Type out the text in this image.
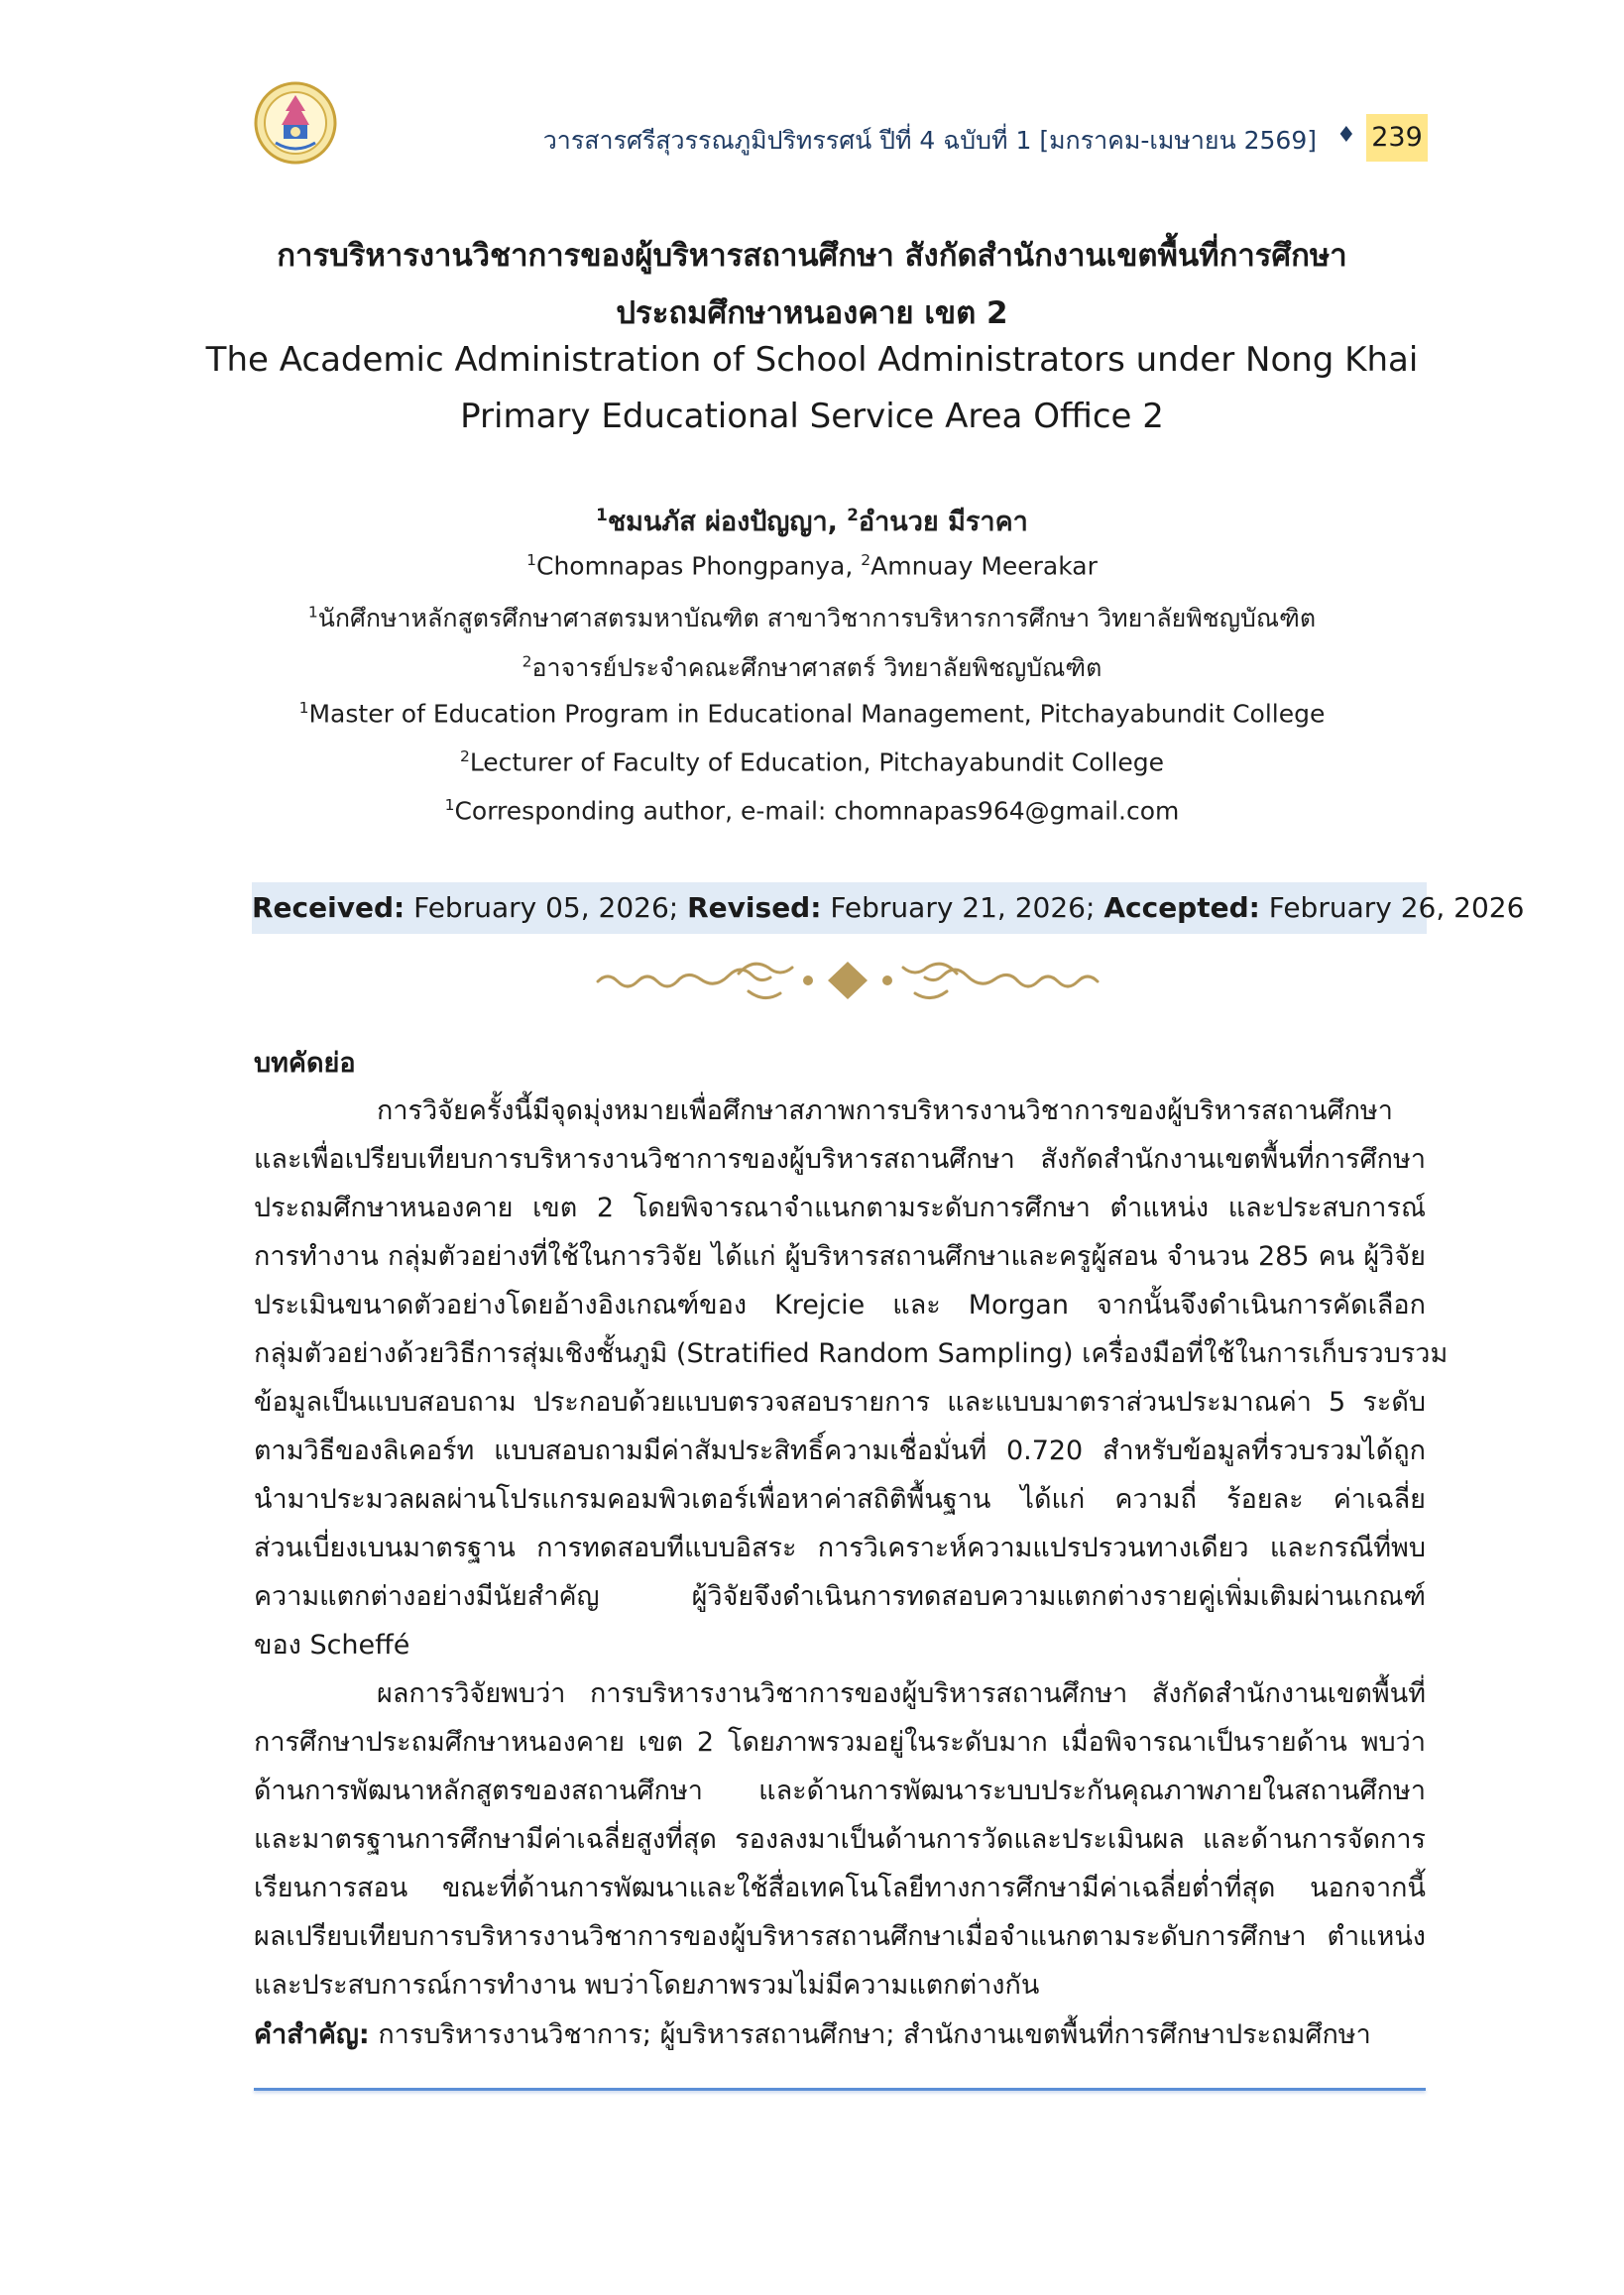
วารสารศรีสุวรรณภูมิปริทรรศน์ ปีที่ 4 ฉบับที่ 1 [มกราคม-เมษายน 2569] ♦ 239
การบริหารงานวิชาการของผู้บริหารสถานศึกษา สังกัดสำนักงานเขตพื้นที่การศึกษา
ประถมศึกษาหนองคาย เขต 2
The Academic Administration of School Administrators under Nong Khai
Primary Educational Service Area Office 2
$^1$ชมนภัส ผ่องปัญญา, $^2$อำนวย มีราคา
$^1$Chomnapas Phongpanya, $^2$Amnuay Meerakar
$^1$นักศึกษาหลักสูตรศึกษาศาสตรมหาบัณฑิต สาขาวิชาการบริหารการศึกษา วิทยาลัยพิชญบัณฑิต
$^2$อาจารย์ประจำคณะศึกษาศาสตร์ วิทยาลัยพิชญบัณฑิต
$^1$Master of Education Program in Educational Management, Pitchayabundit College
$^2$Lecturer of Faculty of Education, Pitchayabundit College
$^1$Corresponding author, e-mail: chomnapas964@gmail.com
Received: February 05, 2026; Revised: February 21, 2026; Accepted: February 26, 2026
บทคัดย่อ
การวิจัยครั้งนี้มีจุดมุ่งหมายเพื่อศึกษาสภาพการบริหารงานวิชาการของผู้บริหารสถานศึกษา
และเพื่อเปรียบเทียบการบริหารงานวิชาการของผู้บริหารสถานศึกษา สังกัดสำนักงานเขตพื้นที่การศึกษา
ประถมศึกษาหนองคาย เขต 2 โดยพิจารณาจำแนกตามระดับการศึกษา ตำแหน่ง และประสบการณ์
การทำงาน กลุ่มตัวอย่างที่ใช้ในการวิจัย ได้แก่ ผู้บริหารสถานศึกษาและครูผู้สอน จำนวน 285 คน ผู้วิจัย
ประเมินขนาดตัวอย่างโดยอ้างอิงเกณฑ์ของ Krejcie และ Morgan จากนั้นจึงดำเนินการคัดเลือก
กลุ่มตัวอย่างด้วยวิธีการสุ่มเชิงชั้นภูมิ (Stratified Random Sampling) เครื่องมือที่ใช้ในการเก็บรวบรวม
ข้อมูลเป็นแบบสอบถาม ประกอบด้วยแบบตรวจสอบรายการ และแบบมาตราส่วนประมาณค่า 5 ระดับ
ตามวิธีของลิเคอร์ท แบบสอบถามมีค่าสัมประสิทธิ์ความเชื่อมั่นที่ 0.720 สำหรับข้อมูลที่รวบรวมได้ถูก
นำมาประมวลผลผ่านโปรแกรมคอมพิวเตอร์เพื่อหาค่าสถิติพื้นฐาน ได้แก่ ความถี่ ร้อยละ ค่าเฉลี่ย
ส่วนเบี่ยงเบนมาตรฐาน การทดสอบทีแบบอิสระ การวิเคราะห์ความแปรปรวนทางเดียว และกรณีที่พบ
ความแตกต่างอย่างมีนัยสำคัญ ผู้วิจัยจึงดำเนินการทดสอบความแตกต่างรายคู่เพิ่มเติมผ่านเกณฑ์
ของ Scheffé
ผลการวิจัยพบว่า การบริหารงานวิชาการของผู้บริหารสถานศึกษา สังกัดสำนักงานเขตพื้นที่
การศึกษาประถมศึกษาหนองคาย เขต 2 โดยภาพรวมอยู่ในระดับมาก เมื่อพิจารณาเป็นรายด้าน พบว่า
ด้านการพัฒนาหลักสูตรของสถานศึกษา และด้านการพัฒนาระบบประกันคุณภาพภายในสถานศึกษา
และมาตรฐานการศึกษามีค่าเฉลี่ยสูงที่สุด รองลงมาเป็นด้านการวัดและประเมินผล และด้านการจัดการ
เรียนการสอน ขณะที่ด้านการพัฒนาและใช้สื่อเทคโนโลยีทางการศึกษามีค่าเฉลี่ยต่ำที่สุด นอกจากนี้
ผลเปรียบเทียบการบริหารงานวิชาการของผู้บริหารสถานศึกษาเมื่อจำแนกตามระดับการศึกษา ตำแหน่ง
และประสบการณ์การทำงาน พบว่าโดยภาพรวมไม่มีความแตกต่างกัน
คำสำคัญ: การบริหารงานวิชาการ; ผู้บริหารสถานศึกษา; สำนักงานเขตพื้นที่การศึกษาประถมศึกษา
